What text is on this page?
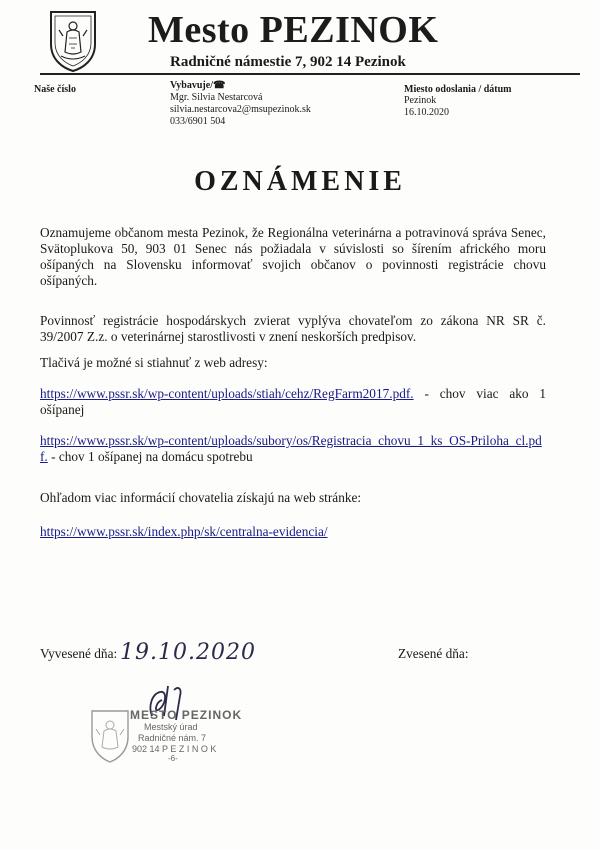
Mesto PEZINOK
Radničné námestie 7, 902 14 Pezinok
Naše číslo	Vybavuje/☎
Mgr. Silvia Nestarcová
silvia.nestarcova2@msupezinok.sk
033/6901 504
Miesto odoslania / dátum
Pezinok
16.10.2020
OZNÁMENIE
Oznamujeme občanom mesta Pezinok, že Regionálna veterinárna a potravinová správa Senec, Svätoplukova 50, 903 01 Senec nás požiadala v súvislosti so šírením afrického moru ošípaných na Slovensku informovať svojich občanov o povinnosti registrácie chovu ošípaných.
Povinnosť registrácie hospodárskych zvierat vyplýva chovateľom zo zákona NR SR č. 39/2007 Z.z. o veterinárnej starostlivosti v znení neskorších predpisov.
Tlačivá je možné si stiahnuť z web adresy:
https://www.pssr.sk/wp-content/uploads/stiah/cehz/RegFarm2017.pdf. - chov viac ako 1 ošípanej
https://www.pssr.sk/wp-content/uploads/subory/os/Registracia_chovu_1_ks_OS-Priloha_cl.pdf. - chov 1 ošípanej na domácu spotrebu
Ohľadom viac informácií chovatelia získajú na web stránke:
https://www.pssr.sk/index.php/sk/centralna-evidencia/
Vyvesené dňa: 19.10.2020	Zvesené dňa:
MESTO PEZINOK
Mestský úrad
Radničné nám. 7
902 14 P E Z I N O K
-6-
